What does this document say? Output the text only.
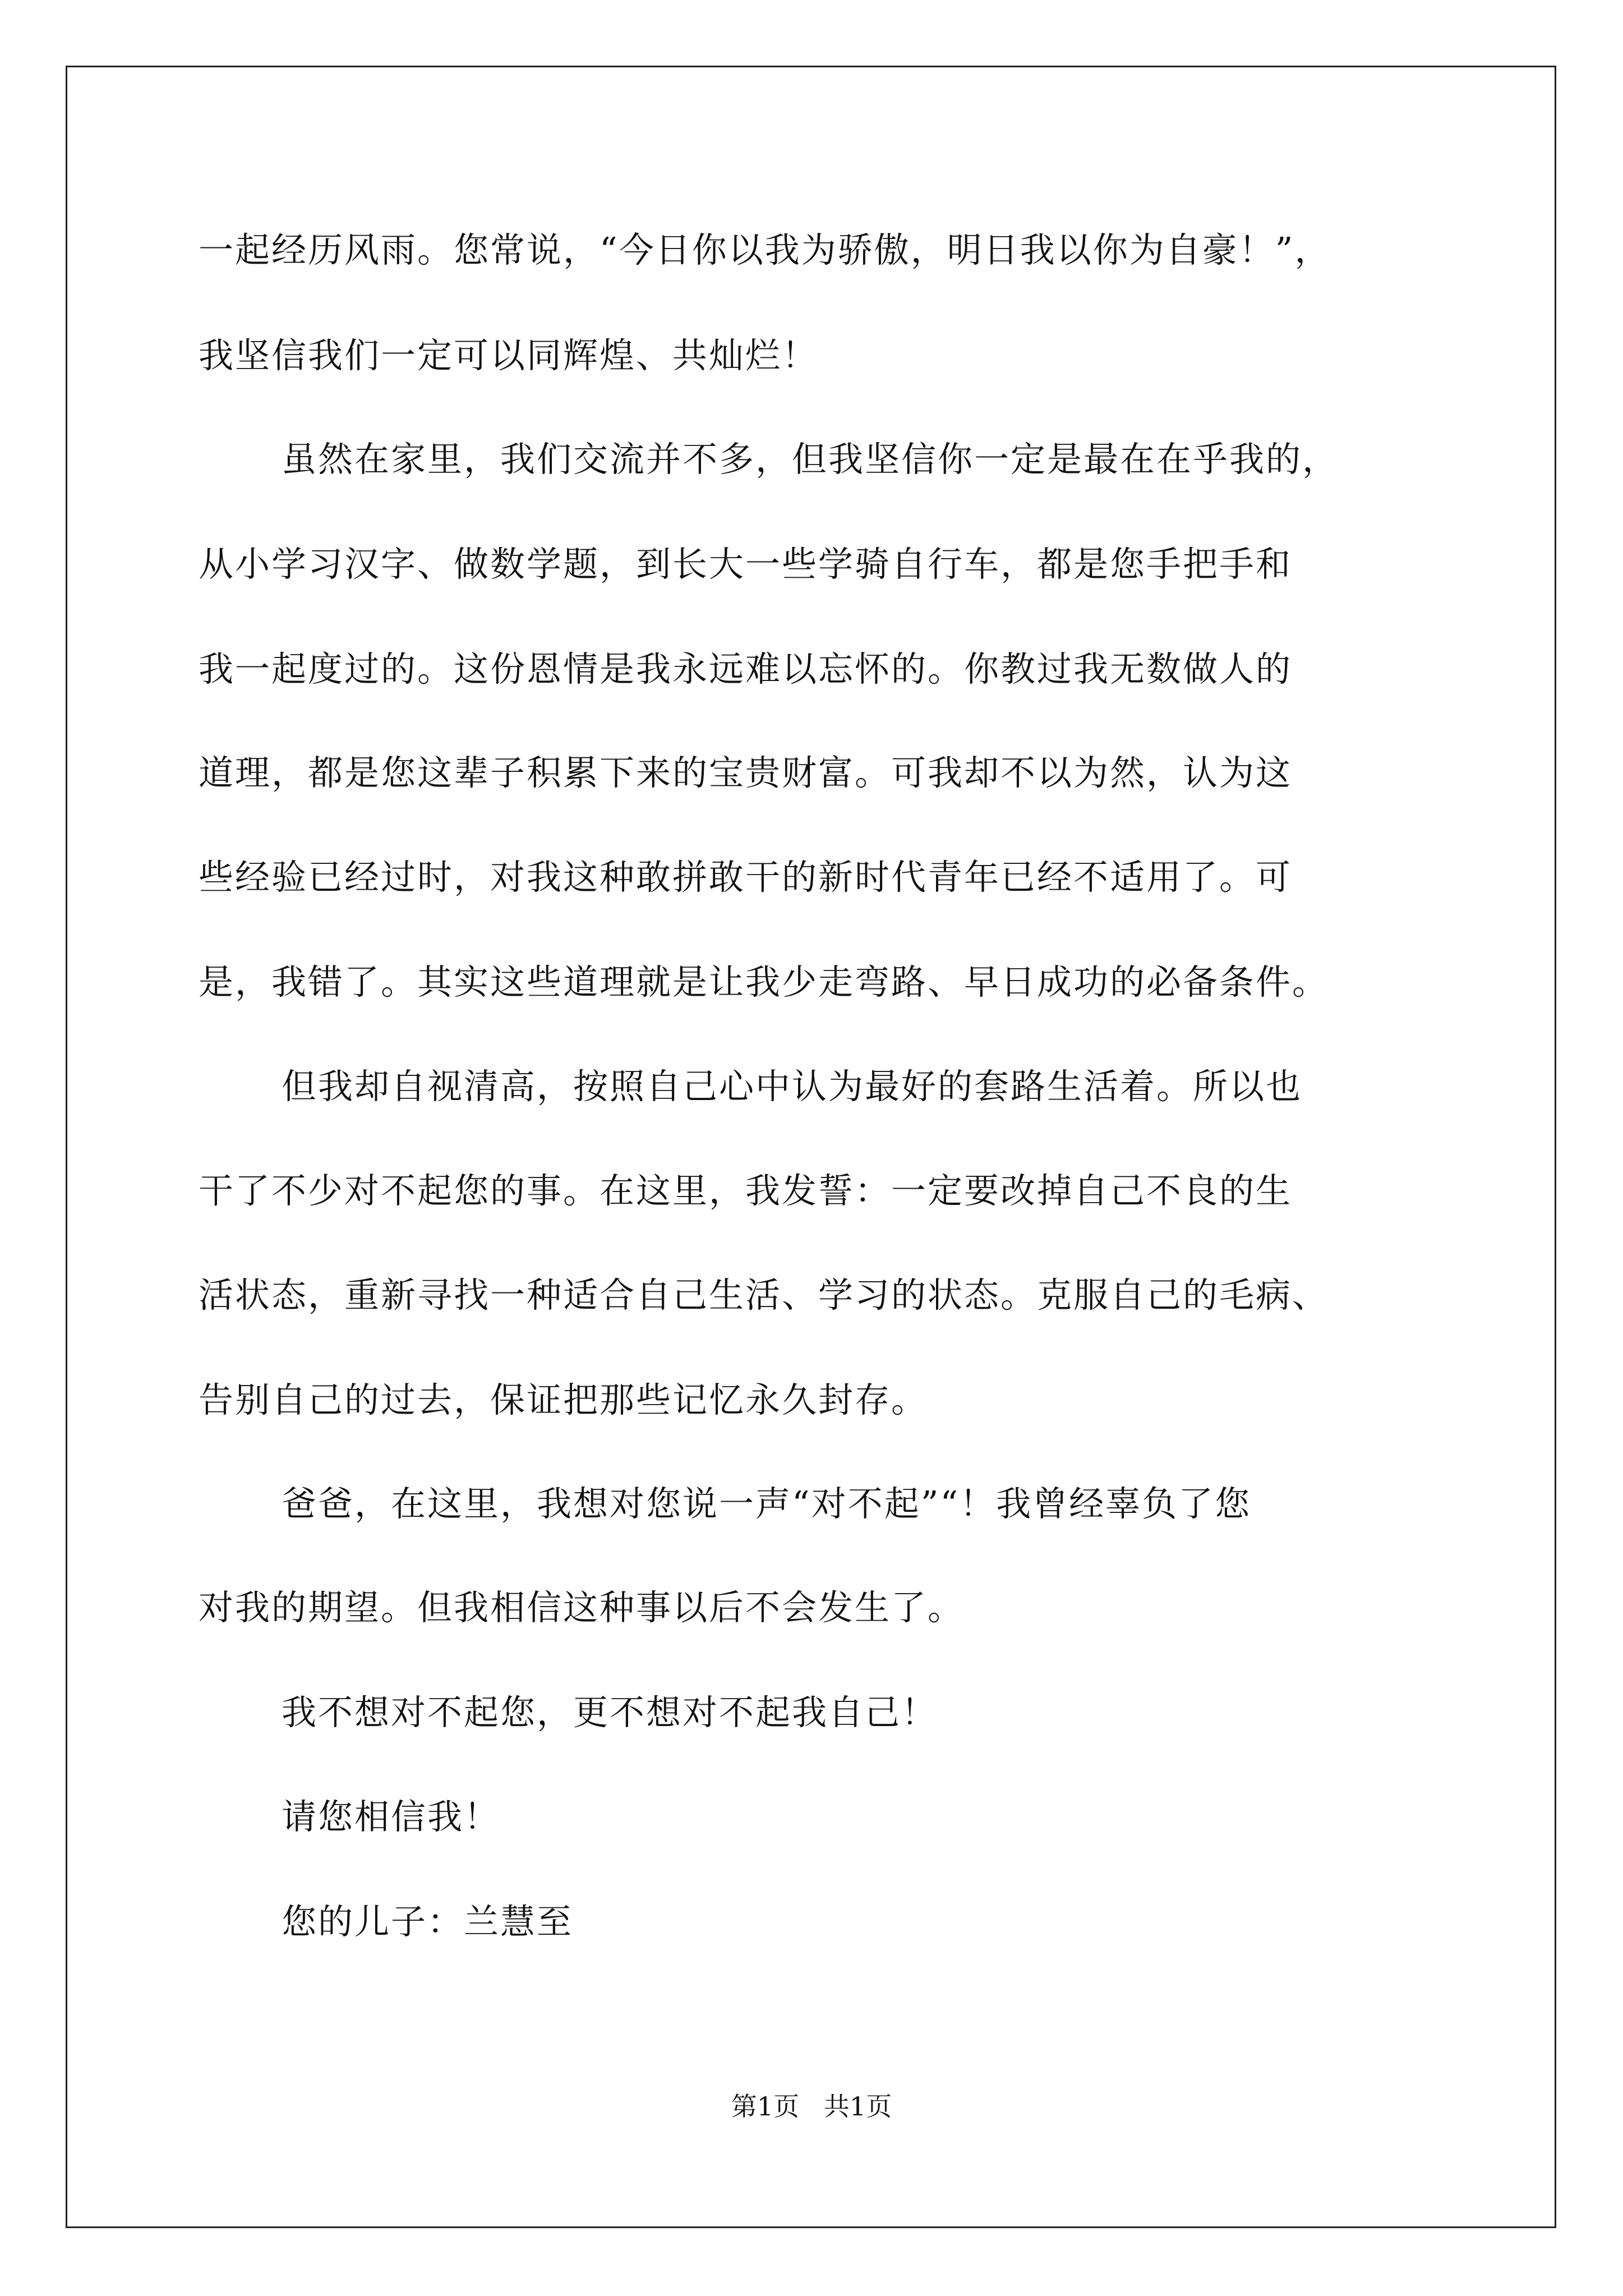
一起经历风雨。您常说，“今日你以我为骄傲，明日我以你为自豪！”，
我坚信我们一定可以同辉煌、共灿烂！
虽然在家里，我们交流并不多，但我坚信你一定是最在在乎我的，
从小学习汉字、做数学题，到长大一些学骑自行车，都是您手把手和
我一起度过的。这份恩情是我永远难以忘怀的。你教过我无数做人的
道理，都是您这辈子积累下来的宝贵财富。可我却不以为然，认为这
些经验已经过时，对我这种敢拼敢干的新时代青年已经不适用了。可
是，我错了。其实这些道理就是让我少走弯路、早日成功的必备条件。
但我却自视清高，按照自己心中认为最好的套路生活着。所以也
干了不少对不起您的事。在这里，我发誓：一定要改掉自己不良的生
活状态，重新寻找一种适合自己生活、学习的状态。克服自己的毛病、
告别自己的过去，保证把那些记忆永久封存。
爸爸，在这里，我想对您说一声“对不起”“！我曾经辜负了您
对我的期望。但我相信这种事以后不会发生了。
我不想对不起您，更不想对不起我自己！
请您相信我！
您的儿子：兰慧至
第1页   共1页
